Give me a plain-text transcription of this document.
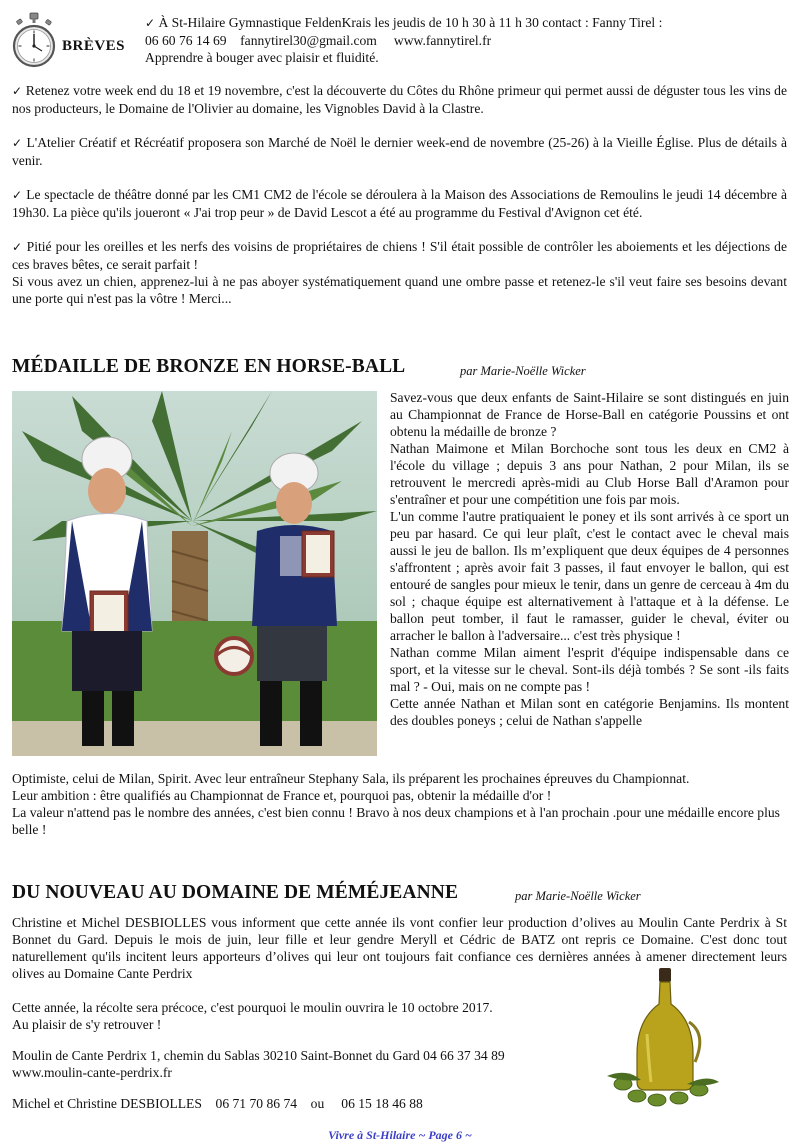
BRÈVES

✓ À St-Hilaire Gymnastique FeldenKrais les jeudis de 10 h 30 à 11 h 30 contact : Fanny Tirel :

06 60 76 14 69 fannytirel30@gmail.com www.fannytirel.fr

Apprendre à bouger avec plaisir et fluidité.

✓ Retenez votre week end du 18 et 19 novembre, c'est la découverte du Côtes du Rhône primeur qui permet aussi de déguster tous les vins de nos producteurs, le Domaine de l'Olivier au domaine, les Vignobles David à la Clastre.

✓ L'Atelier Créatif et Récréatif proposera son Marché de Noël le dernier week-end de novembre (25-26) à la Vieille Église. Plus de détails à venir.

✓ Le spectacle de théâtre donné par les CM1 CM2 de l'école se déroulera à la Maison des Associations de Remoulins le jeudi 14 décembre à 19h30. La pièce qu'ils joueront « J'ai trop peur » de David Lescot a été au programme du Festival d'Avignon cet été.

✓ Pitié pour les oreilles et les nerfs des voisins de propriétaires de chiens ! S'il était possible de contrôler les aboiements et les déjections de ces braves bêtes, ce serait parfait !

Si vous avez un chien, apprenez-lui à ne pas aboyer systématiquement quand une ombre passe et retenez-le s'il veut faire ses besoins devant une porte qui n'est pas la vôtre ! Merci...

MÉDAILLE DE BRONZE EN HORSE-BALL	par Marie-Noëlle Wicker

Savez-vous que deux enfants de Saint-Hilaire se sont distingués en juin au Championnat de France de Horse-Ball en catégorie Poussins et ont obtenu la médaille de bronze ?

Nathan Maimone et Milan Borchoche sont tous les deux en CM2 à l'école du village ; depuis 3 ans pour Nathan, 2 pour Milan, ils se retrouvent le mercredi après-midi au Club Horse Ball d'Aramon pour s'entraîner et pour une compétition une fois par mois.

L'un comme l'autre pratiquaient le poney et ils sont arrivés à ce sport un peu par hasard. Ce qui leur plaît, c'est le contact avec le cheval mais aussi le jeu de ballon. Ils m’expliquent que deux équipes de 4 personnes s'affrontent ; après avoir fait 3 passes, il faut envoyer le ballon, qui est entouré de sangles pour mieux le tenir, dans un genre de cerceau à 4m du sol ; chaque équipe est alternativement à l'attaque et à la défense. Le ballon peut tomber, il faut le ramasser, guider le cheval, éviter ou arracher le ballon à l'adversaire... c'est très physique !

Nathan comme Milan aiment l'esprit d'équipe indispensable dans ce sport, et la vitesse sur le cheval. Sont-ils déjà tombés ? Se sont -ils faits mal ? - Oui, mais on ne compte pas !

Cette année Nathan et Milan sont en catégorie Benjamins. Ils montent des doubles poneys ; celui de Nathan s'appelle

Optimiste, celui de Milan, Spirit. Avec leur entraîneur Stephany Sala, ils préparent les prochaines épreuves du Championnat.

Leur ambition : être qualifiés au Championnat de France et, pourquoi pas, obtenir la médaille d'or !

La valeur n'attend pas le nombre des années, c'est bien connu ! Bravo à nos deux champions et à l'an prochain .pour une médaille encore plus belle !

DU NOUVEAU AU DOMAINE DE MÉMÉJEANNE	par Marie-Noëlle Wicker

Christine et Michel DESBIOLLES vous informent que cette année ils vont confier leur production d’olives au Moulin Cante Perdrix à St Bonnet du Gard. Depuis le mois de juin, leur fille et leur gendre Meryll et Cédric de BATZ ont repris ce Domaine. C'est donc tout naturellement qu'ils incitent leurs apporteurs d’olives qui leur ont toujours fait confiance ces dernières années à amener directement leurs olives au Domaine Cante Perdrix

Cette année, la récolte sera précoce, c'est pourquoi le moulin ouvrira le 10 octobre 2017.

Au plaisir de s'y retrouver !

Moulin de Cante Perdrix 1, chemin du Sablas 30210 Saint-Bonnet du Gard 04 66 37 34 89

www.moulin-cante-perdrix.fr

Michel et Christine DESBIOLLES 06 71 70 86 74 ou 06 15 18 46 88

Vivre à St-Hilaire ~ Page 6 ~
